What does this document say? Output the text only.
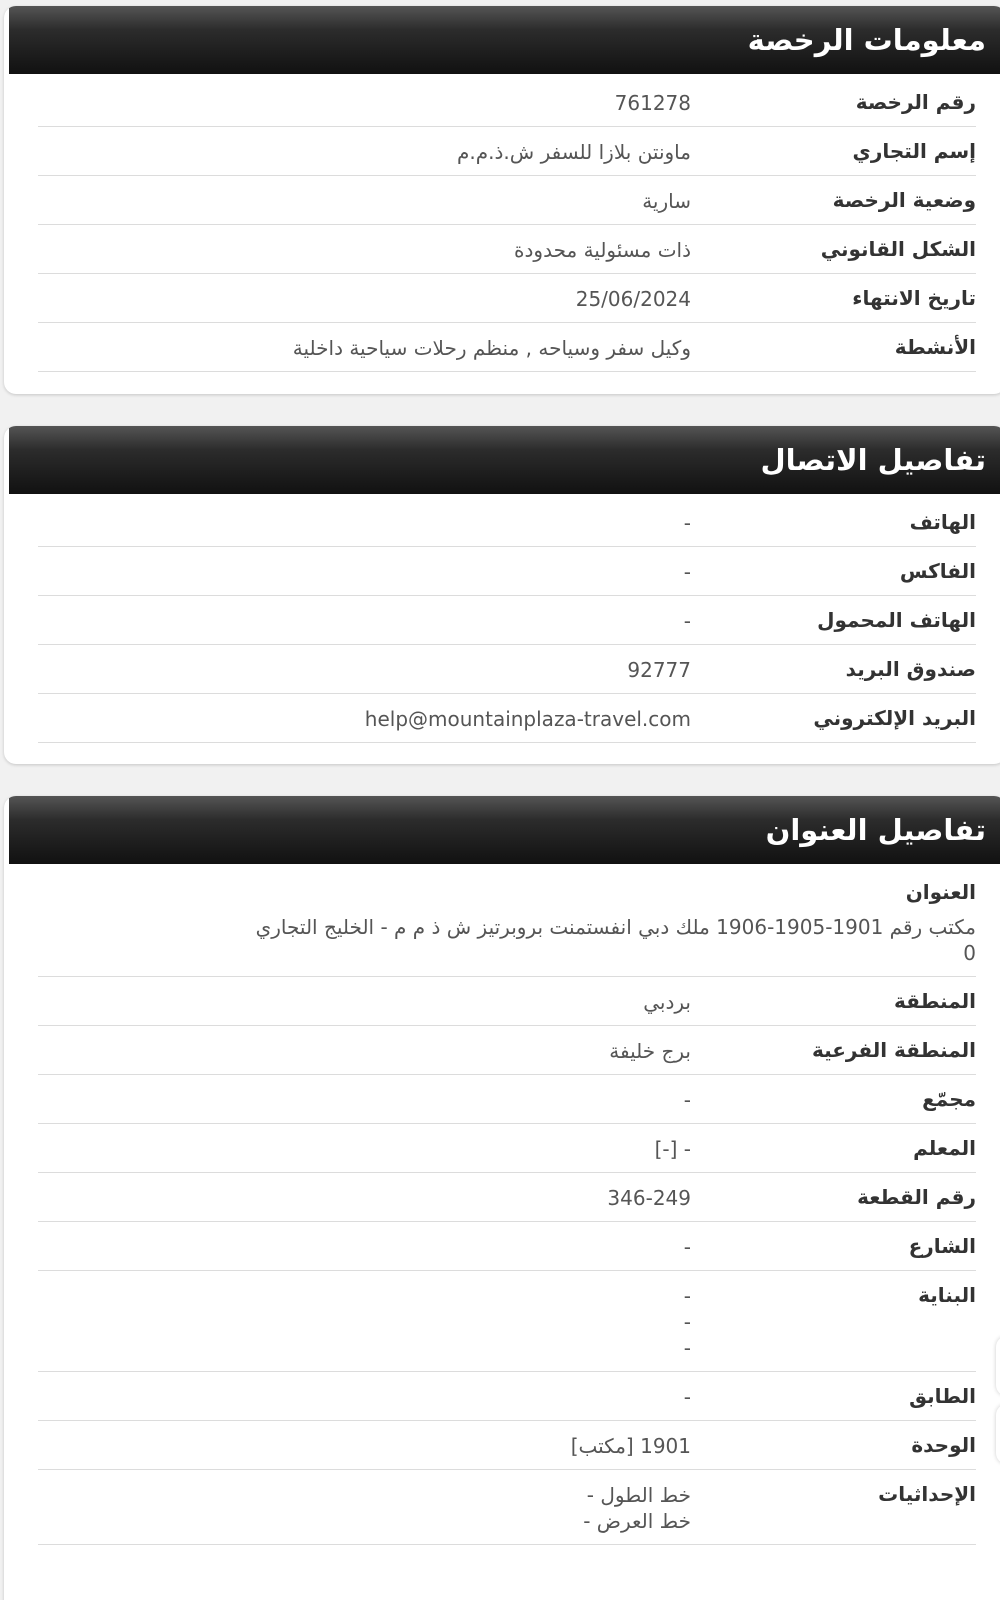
معلومات الرخصة
رقم الرخصة
761278
إسم التجاري
ماونتن بلازا للسفر ش.ذ.م.م
وضعية الرخصة
سارية
الشكل القانوني
ذات مسئولية محدودة
تاريخ الانتهاء
25/06/2024
الأنشطة
وكيل سفر وسياحه , منظم رحلات سياحية داخلية
تفاصيل الاتصال
الهاتف
-
الفاكس
-
الهاتف المحمول
-
صندوق البريد
92777
البريد الإلكتروني
help@mountainplaza-travel.com
تفاصيل العنوان
العنوان
مكتب رقم 1901-1905-1906 ملك دبي انفستمنت بروبرتيز ش ذ م م - الخليج التجاري
0
المنطقة
بردبي
المنطقة الفرعية
برج خليفة
مجمّع
-
المعلم
- [-]
رقم القطعة
346-249
الشارع
-
البناية
-
-
-
الطابق
-
الوحدة
1901 [مكتب]
الإحداثيات
خط الطول -
خط العرض -
